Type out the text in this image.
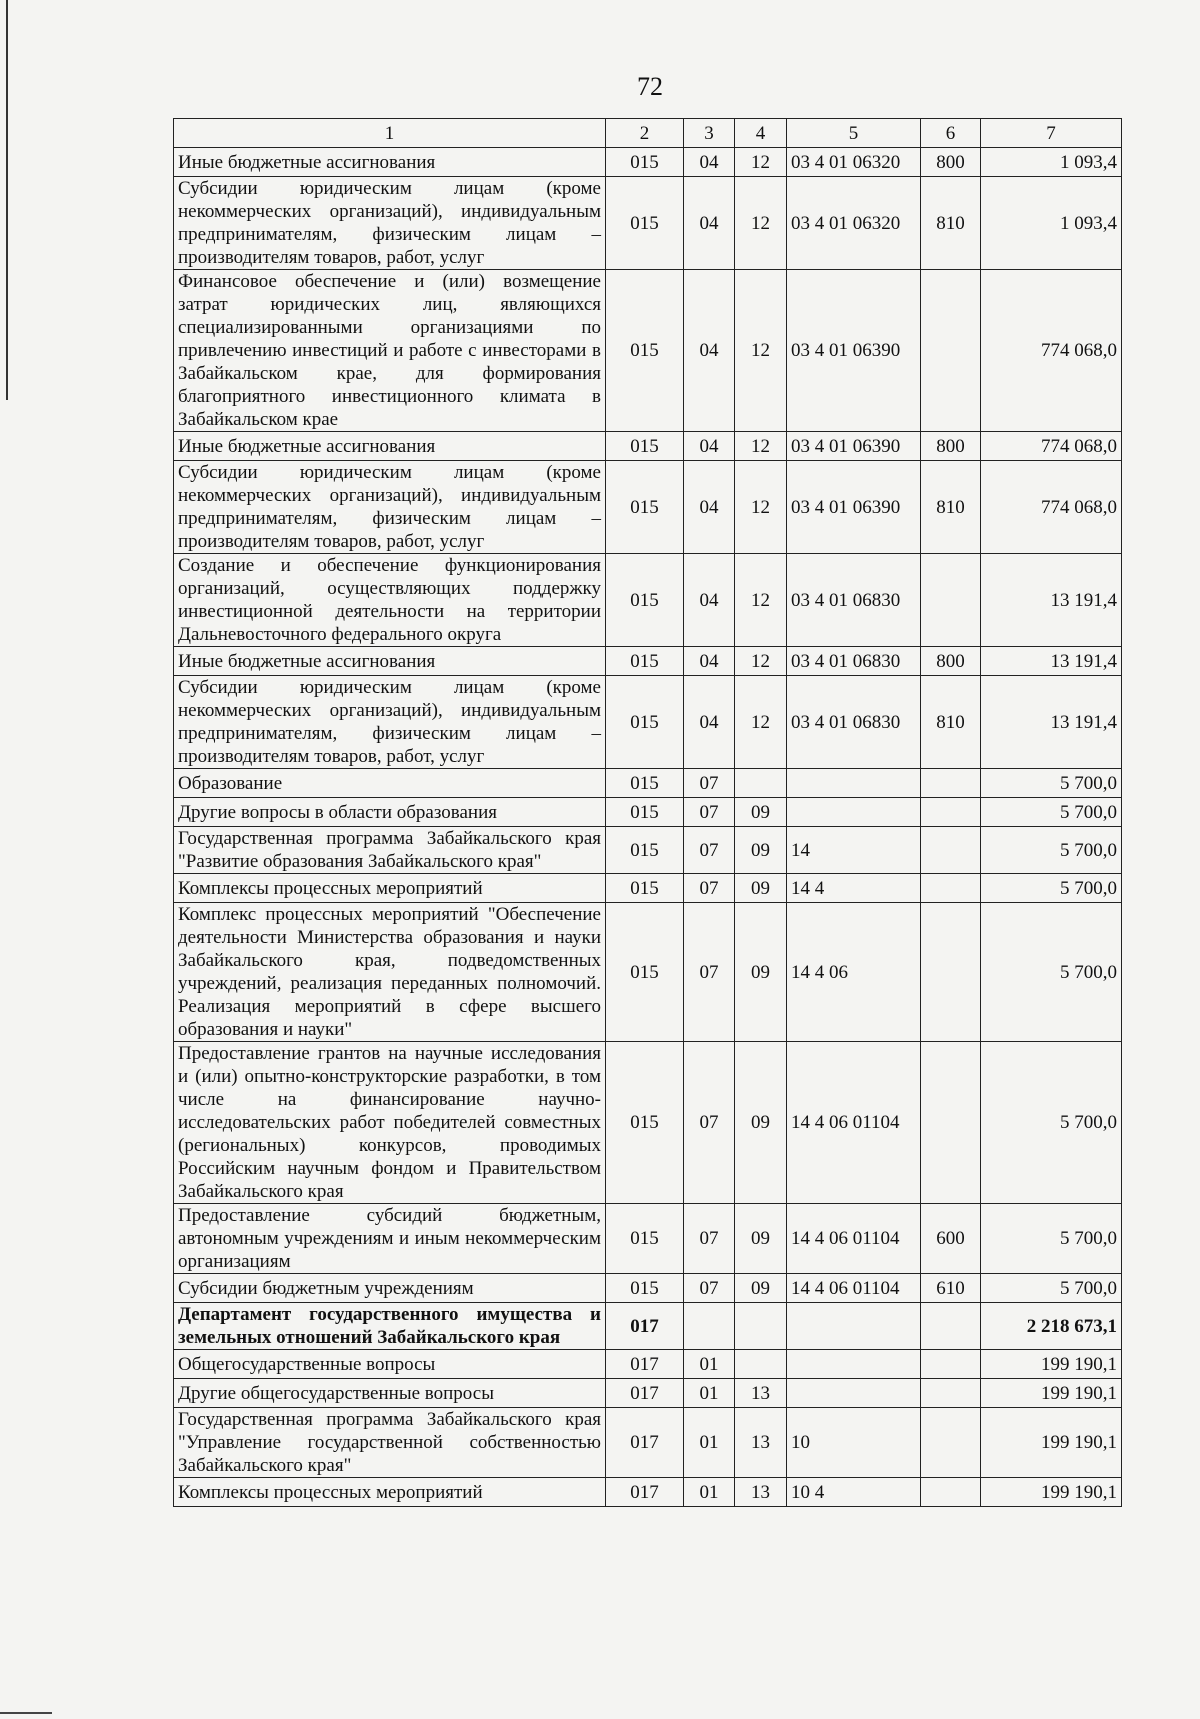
72
1	2	3	4	5	6	7
Иные бюджетные ассигнования	015	04	12	03 4 01 06320	800	1 093,4
Субсидии юридическим лицам (кроме некоммерческих организаций), индивидуальным предпринимателям, физическим лицам – производителям товаров, работ, услуг	015	04	12	03 4 01 06320	810	1 093,4
Финансовое обеспечение и (или) возмещение затрат юридических лиц, являющихся специализированными организациями по привлечению инвестиций и работе с инвесторами в Забайкальском крае, для формирования благоприятного инвестиционного климата в Забайкальском крае	015	04	12	03 4 01 06390		774 068,0
Иные бюджетные ассигнования	015	04	12	03 4 01 06390	800	774 068,0
Субсидии юридическим лицам (кроме некоммерческих организаций), индивидуальным предпринимателям, физическим лицам – производителям товаров, работ, услуг	015	04	12	03 4 01 06390	810	774 068,0
Создание и обеспечение функционирования организаций, осуществляющих поддержку инвестиционной деятельности на территории Дальневосточного федерального округа	015	04	12	03 4 01 06830		13 191,4
Иные бюджетные ассигнования	015	04	12	03 4 01 06830	800	13 191,4
Субсидии юридическим лицам (кроме некоммерческих организаций), индивидуальным предпринимателям, физическим лицам – производителям товаров, работ, услуг	015	04	12	03 4 01 06830	810	13 191,4
Образование	015	07				5 700,0
Другие вопросы в области образования	015	07	09			5 700,0
Государственная программа Забайкальского края "Развитие образования Забайкальского края"	015	07	09	14		5 700,0
Комплексы процессных мероприятий	015	07	09	14 4		5 700,0
Комплекс процессных мероприятий "Обеспечение деятельности Министерства образования и науки Забайкальского края, подведомственных учреждений, реализация переданных полномочий. Реализация мероприятий в сфере высшего образования и науки"	015	07	09	14 4 06		5 700,0
Предоставление грантов на научные исследования и (или) опытно-конструкторские разработки, в том числе на финансирование научно-исследовательских работ победителей совместных (региональных) конкурсов, проводимых Российским научным фондом и Правительством Забайкальского края	015	07	09	14 4 06 01104		5 700,0
Предоставление субсидий бюджетным, автономным учреждениям и иным некоммерческим организациям	015	07	09	14 4 06 01104	600	5 700,0
Субсидии бюджетным учреждениям	015	07	09	14 4 06 01104	610	5 700,0
Департамент государственного имущества и земельных отношений Забайкальского края	017					2 218 673,1
Общегосударственные вопросы	017	01				199 190,1
Другие общегосударственные вопросы	017	01	13			199 190,1
Государственная программа Забайкальского края "Управление государственной собственностью Забайкальского края"	017	01	13	10		199 190,1
Комплексы процессных мероприятий	017	01	13	10 4		199 190,1
